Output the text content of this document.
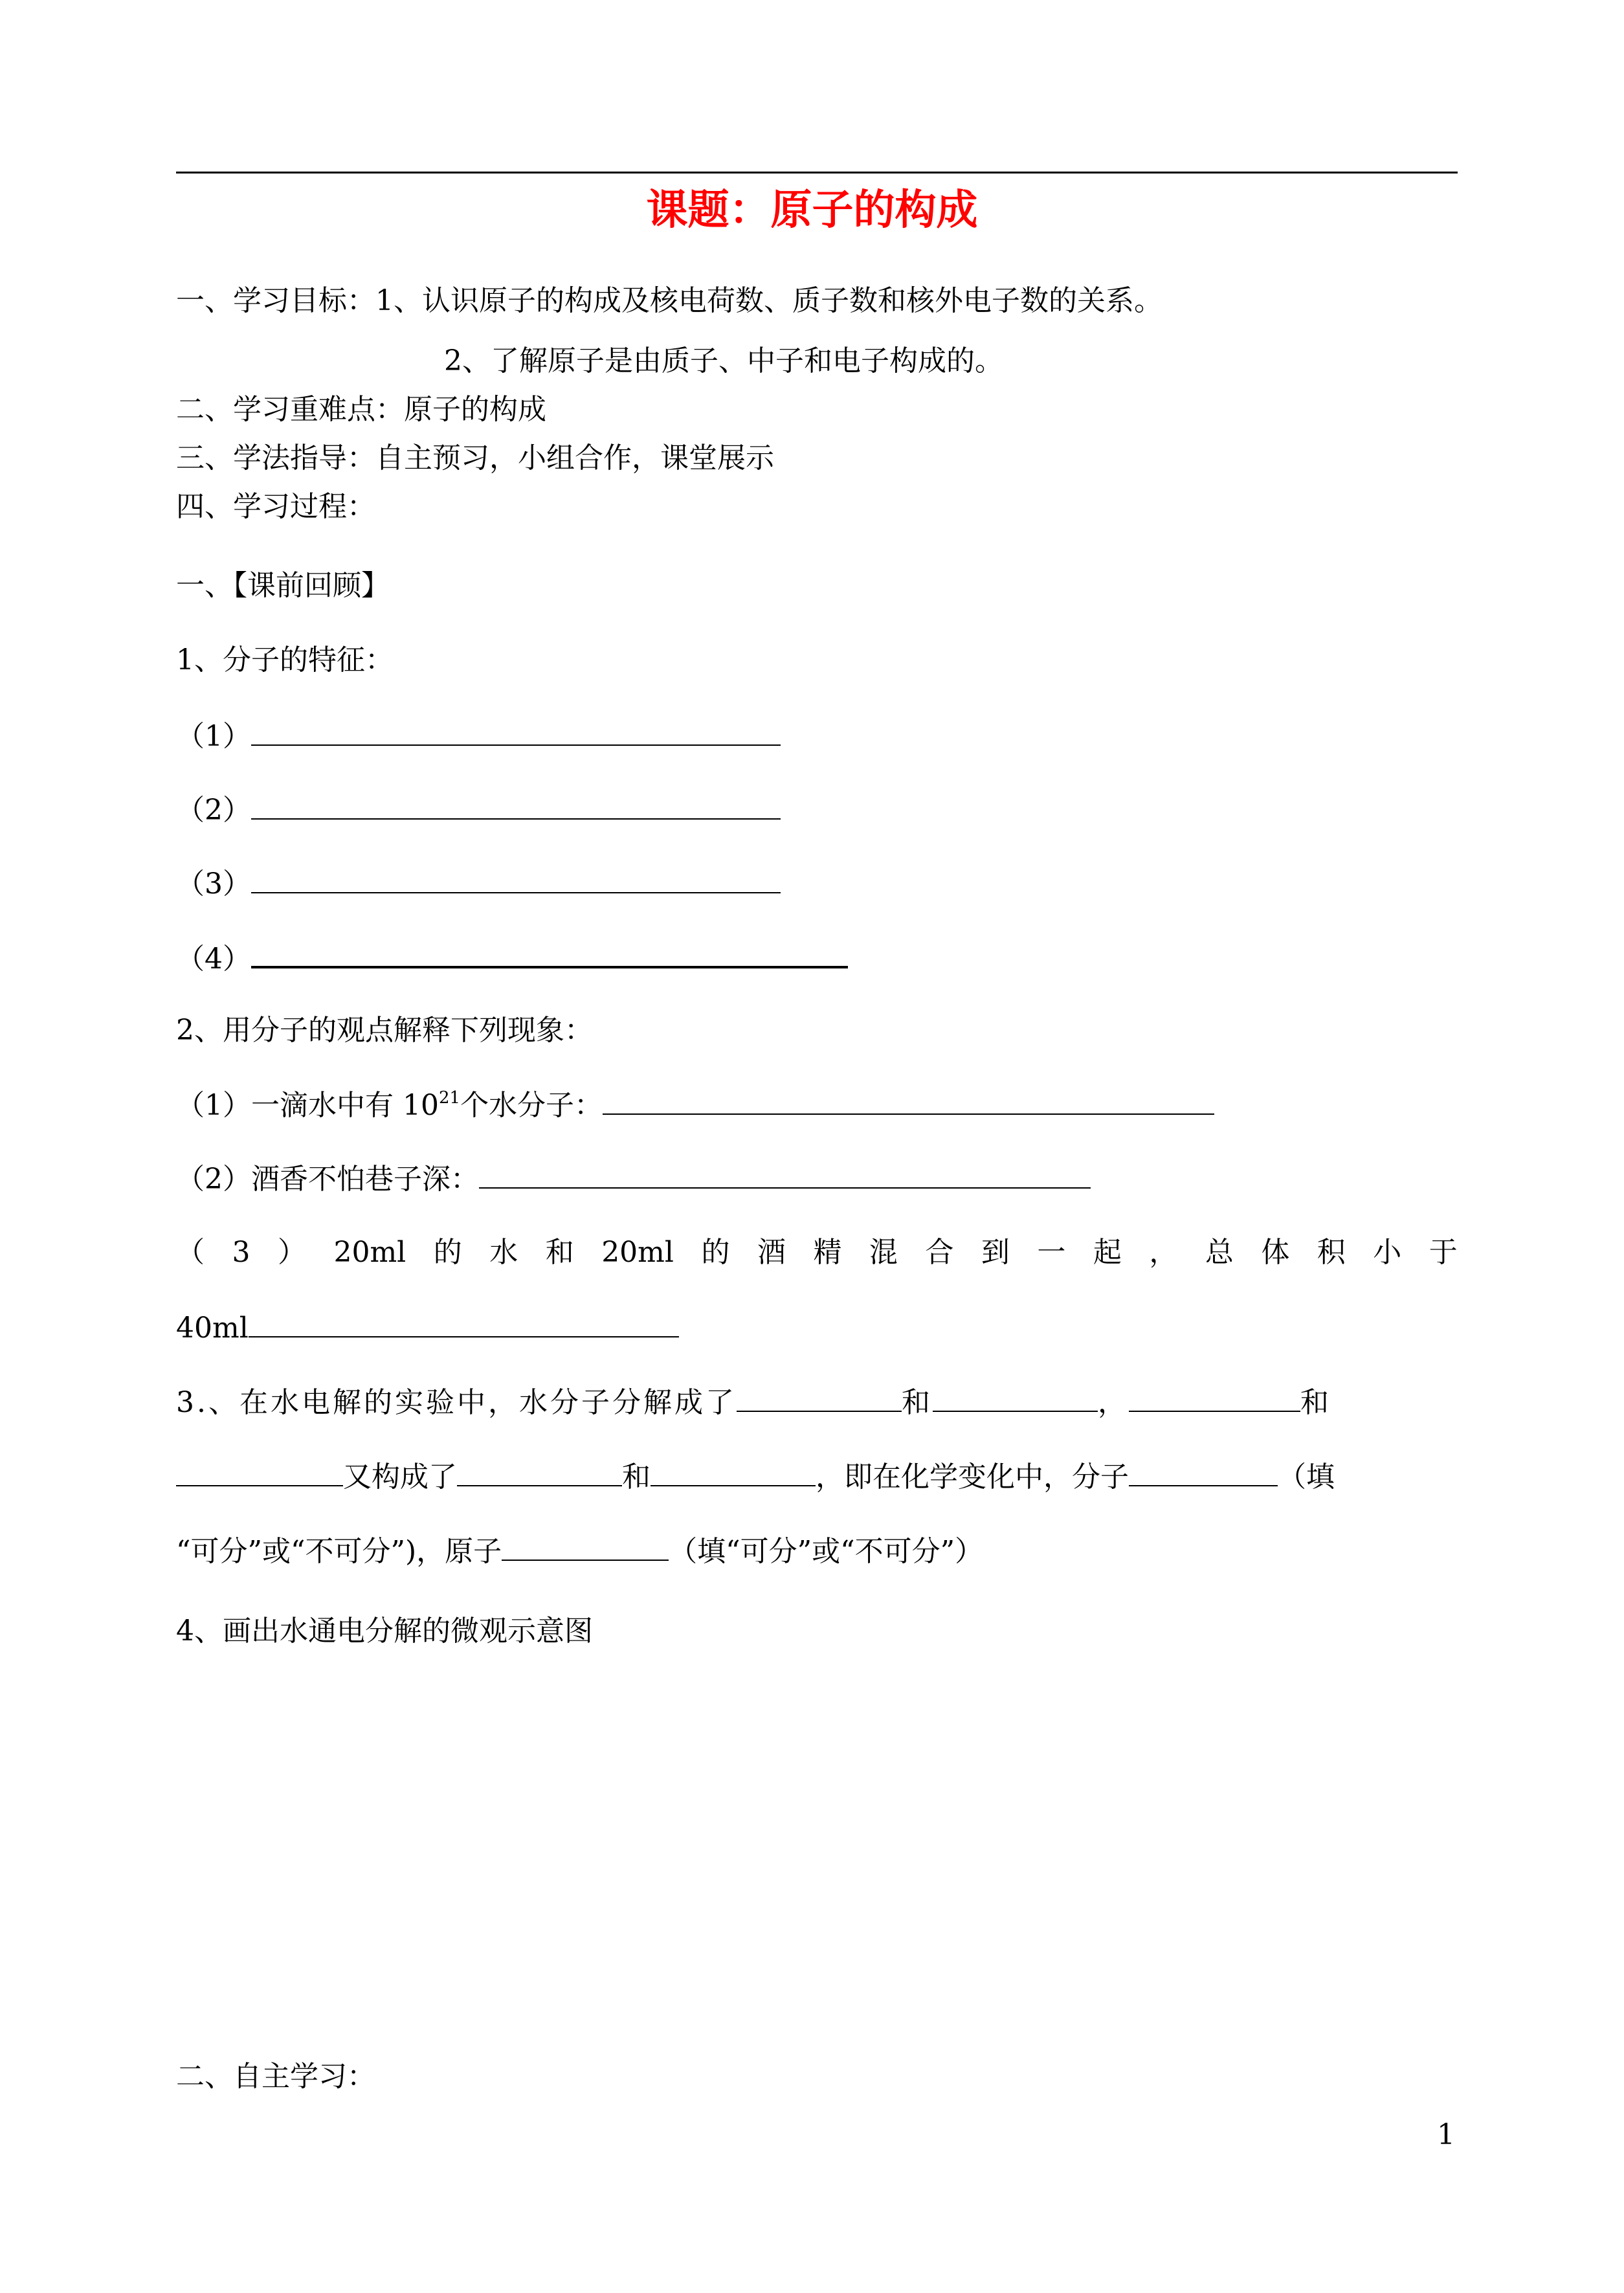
课题：原子的构成
一、学习目标：1、认识原子的构成及核电荷数、质子数和核外电子数的关系。
2、了解原子是由质子、中子和电子构成的。
二、学习重难点：原子的构成
三、学法指导：自主预习，小组合作，课堂展示
四、学习过程：
一、【课前回顾】
1、分子的特征：
（1）
（2）
（3）
（4）
2、用分子的观点解释下列现象：
（1）一滴水中有 $10^{21}$个水分子：
（2）酒香不怕巷子深：
（ 3 ） 20ml 的 水 和 20ml 的 酒 精 混 合 到 一 起 ， 总 体 积 小 于
40ml
3.、在水电解的实验中，水分子分解成了	和	，	和
又构成了	和	，即在化学变化中，分子	（填
“可分”或“不可分”)，原子	（填“可分”或“不可分”）
4、画出水通电分解的微观示意图
二、自主学习：
1
